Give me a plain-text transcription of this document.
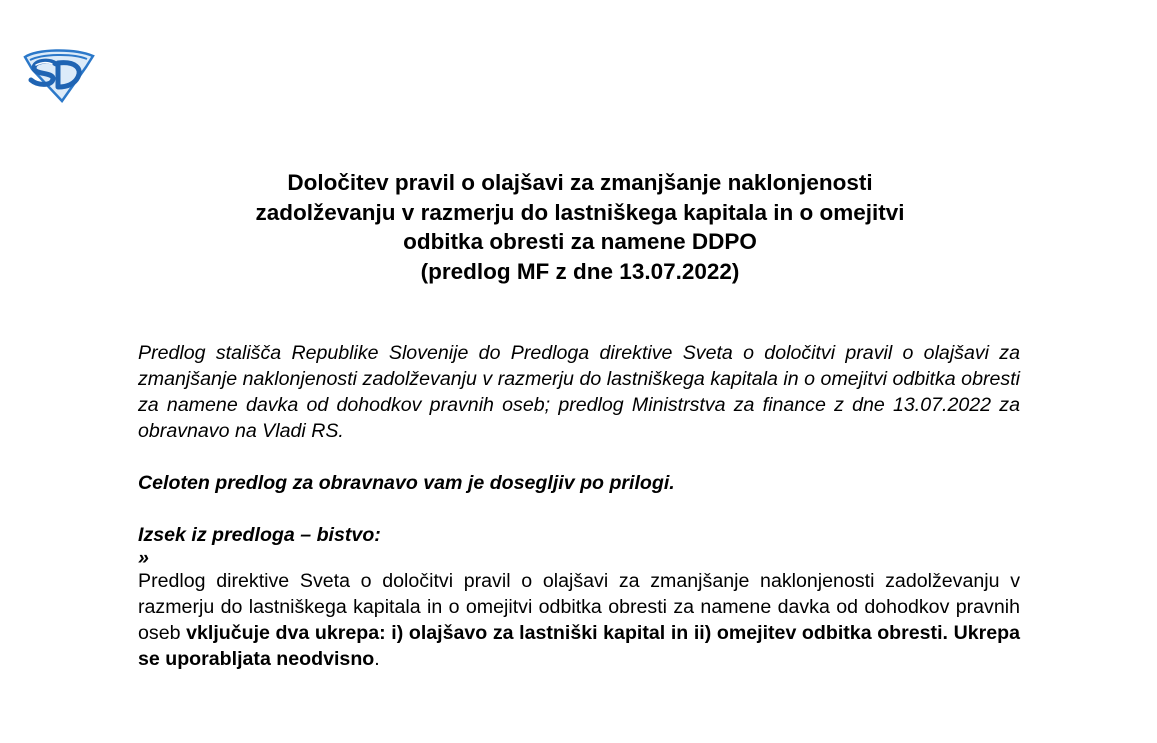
Določitev pravil o olajšavi za zmanjšanje naklonjenosti
zadolževanju v razmerju do lastniškega kapitala in o omejitvi
odbitka obresti za namene DDPO
(predlog MF z dne 13.07.2022)

Predlog stališča Republike Slovenije do Predloga direktive Sveta o določitvi pravil o olajšavi za zmanjšanje naklonjenosti zadolževanju v razmerju do lastniškega kapitala in o omejitvi odbitka obresti za namene davka od dohodkov pravnih oseb; predlog Ministrstva za finance z dne 13.07.2022 za obravnavo na Vladi RS.

Celoten predlog za obravnavo vam je dosegljiv po prilogi.

Izsek iz predloga – bistvo:

»

Predlog direktive Sveta o določitvi pravil o olajšavi za zmanjšanje naklonjenosti zadolževanju v razmerju do lastniškega kapitala in o omejitvi odbitka obresti za namene davka od dohodkov pravnih oseb vključuje dva ukrepa: i) olajšavo za lastniški kapital in ii) omejitev odbitka obresti. Ukrepa se uporabljata neodvisno.
